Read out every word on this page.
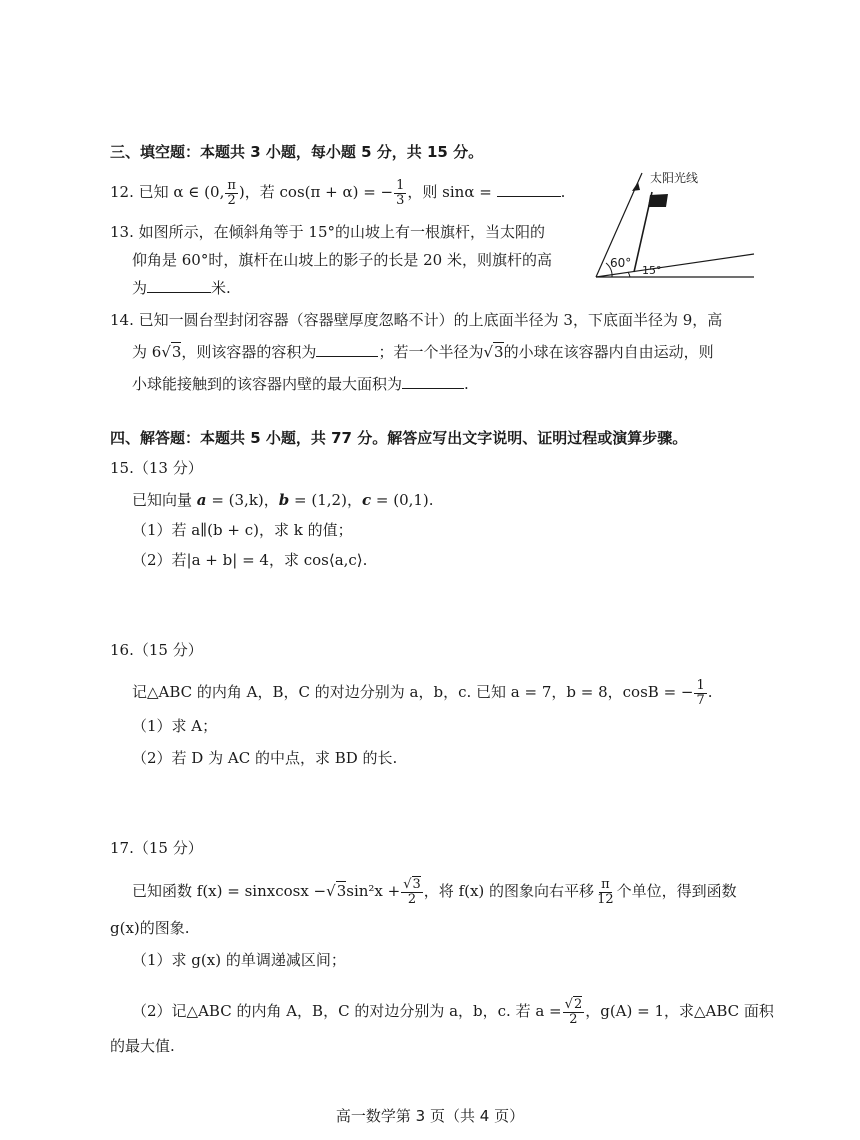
三、填空题：本题共 3 小题，每小题 5 分，共 15 分。
12. 已知 α ∈ (0, $\frac{\pi}{2}$ )，若 cos(π + α) = − $\frac{1}{3}$ ，则 sinα =	.
13. 如图所示，在倾斜角等于 15°的山坡上有一根旗杆，当太阳的
仰角是 60°时，旗杆在山坡上的影子的长是 20 米，则旗杆的高
为	米.
太阳光线
60°
15°
14. 已知一圆台型封闭容器（容器壁厚度忽略不计）的上底面半径为 3，下底面半径为 9，高
为 6√3，则该容器的容积为	；若一个半径为√3的小球在该容器内自由运动，则
小球能接触到的该容器内壁的最大面积为	.
四、解答题：本题共 5 小题，共 77 分。解答应写出文字说明、证明过程或演算步骤。
15.（13 分）
已知向量 a = (3,k)，b = (1,2)，c = (0,1).
（1）若 a∥(b + c)，求 k 的值；
（2）若|a + b| = 4，求 cos⟨a,c⟩.
16.（15 分）
记△ABC 的内角 A，B，C 的对边分别为 a，b，c. 已知 a = 7，b = 8，cosB = − $\frac{1}{7}$ .
（1）求 A；
（2）若 D 为 AC 的中点，求 BD 的长.
17.（15 分）
已知函数 f(x) = sinxcosx $-√3\sin^2x + \frac{√3}{2}$ ，将 f(x) 的图象向右平移 $\frac{\pi}{12}$ 个单位，得到函数
g(x)的图象.
（1）求 g(x) 的单调递减区间；
（2）记△ABC 的内角 A，B，C 的对边分别为 a，b，c. 若 $a = \frac{√2}{2}$ ，g(A) = 1，求△ABC 面积
的最大值.
高一数学第 3 页（共 4 页）
